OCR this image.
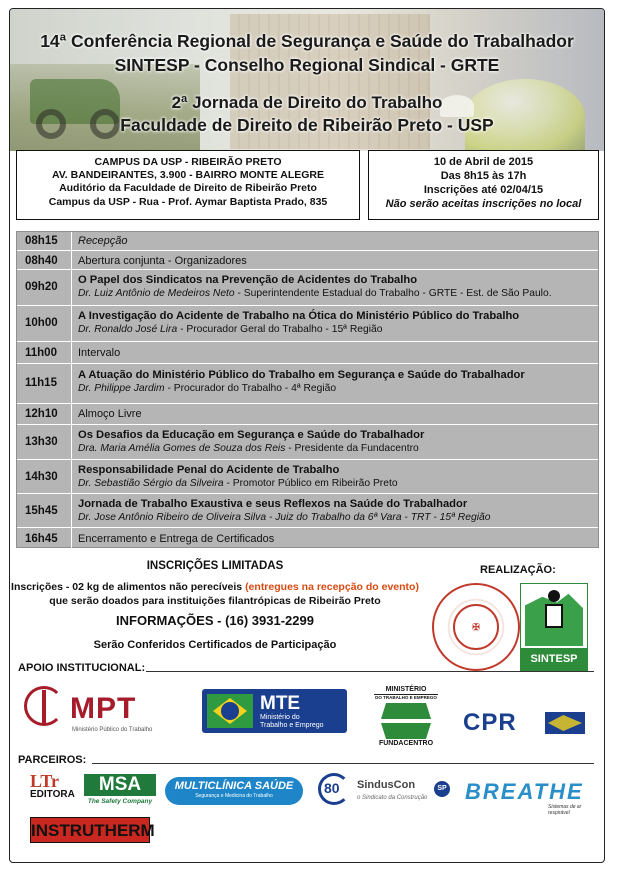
14ª Conferência Regional de Segurança e Saúde do Trabalhador
SINTESP - Conselho Regional Sindical - GRTE
2ª Jornada de Direito do Trabalho
Faculdade de Direito de Ribeirão Preto - USP
CAMPUS DA USP - RIBEIRÃO PRETO
AV. BANDEIRANTES, 3.900 - BAIRRO MONTE ALEGRE
Auditório da Faculdade de Direito de Ribeirão Preto
Campus da USP - Rua - Prof. Aymar Baptista Prado, 835
10 de Abril de 2015
Das 8h15 às 17h
Inscrições até 02/04/15
Não serão aceitas inscrições no local
08h15 Recepção
08h40 Abertura conjunta - Organizadores
09h20
O Papel dos Sindicatos na Prevenção de Acidentes do Trabalho
Dr. Luiz Antônio de Medeiros Neto - Superintendente Estadual do Trabalho - GRTE - Est. de São Paulo.
10h00
A Investigação do Acidente de Trabalho na Ótica do Ministério Público do Trabalho
Dr. Ronaldo José Lira - Procurador Geral do Trabalho - 15ª Região
11h00 Intervalo
11h15
A Atuação do Ministério Público do Trabalho em Segurança e Saúde do Trabalhador
Dr. Philippe Jardim - Procurador do Trabalho - 4ª Região
12h10 Almoço Livre
13h30
Os Desafios da Educação em Segurança e Saúde do Trabalhador
Dra. Maria Amélia Gomes de Souza dos Reis - Presidente da Fundacentro
14h30
Responsabilidade Penal do Acidente de Trabalho
Dr. Sebastião Sérgio da Silveira - Promotor Público em Ribeirão Preto
15h45
Jornada de Trabalho Exaustiva e seus Reflexos na Saúde do Trabalhador
Dr. Jose Antônio Ribeiro de Oliveira Silva - Juiz do Trabalho da 6ª Vara - TRT - 15ª Região
16h45 Encerramento e Entrega de Certificados
INSCRIÇÕES LIMITADAS
Inscrições - 02 kg de alimentos não perecíveis (entregues na recepção do evento)
que serão doados para instituições filantrópicas de Ribeirão Preto
INFORMAÇÕES - (16) 3931-2299
Serão Conferidos Certificados de Participação
REALIZAÇÃO:
✠
SINTESP
APOIO INSTITUCIONAL:
MPT
Ministério Público do Trabalho
MTE
Ministério do
Trabalho e Emprego
MINISTÉRIO
DO TRABALHO E EMPREGO
FUNDACENTRO
CPR
PARCEIROS:
LTr
EDITORA	MSA
The Safety Company
MULTICLÍNICA SAÚDE
Segurança e Medicina do Trabalho	80 SindusCon	SP
o Sindicato da Construção BREATHE
Sistemas de ar respirável
INSTRUTHERM
